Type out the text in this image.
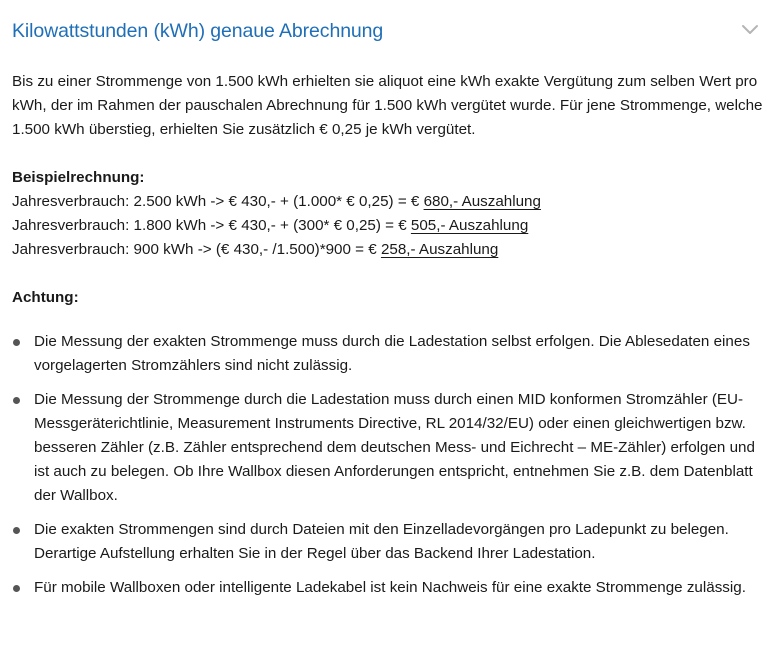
Kilowattstunden (kWh) genaue Abrechnung

Bis zu einer Strommenge von 1.500 kWh erhielten sie aliquot eine kWh exakte Vergütung zum selben Wert pro kWh, der im Rahmen der pauschalen Abrechnung für 1.500 kWh vergütet wurde. Für jene Strommenge, welche 1.500 kWh überstieg, erhielten Sie zusätzlich € 0,25 je kWh vergütet.

Beispielrechnung:

Jahresverbrauch: 2.500 kWh -> € 430,- + (1.000* € 0,25) = € 680,- Auszahlung
Jahresverbrauch: 1.800 kWh -> € 430,- + (300* € 0,25) = € 505,- Auszahlung
Jahresverbrauch: 900 kWh -> (€ 430,- /1.500)*900 = € 258,- Auszahlung

Achtung:

Die Messung der exakten Strommenge muss durch die Ladestation selbst erfolgen. Die Ablesedaten eines vorgelagerten Stromzählers sind nicht zulässig.
Die Messung der Strommenge durch die Ladestation muss durch einen MID konformen Stromzähler (EU-Messgeräterichtlinie, Measurement Instruments Directive, RL 2014/32/EU) oder einen gleichwertigen bzw. besseren Zähler (z.B. Zähler entsprechend dem deutschen Mess- und Eichrecht – ME-Zähler) erfolgen und ist auch zu belegen. Ob Ihre Wallbox diesen Anforderungen entspricht, entnehmen Sie z.B. dem Datenblatt der Wallbox.
Die exakten Strommengen sind durch Dateien mit den Einzelladevorgängen pro Ladepunkt zu belegen. Derartige Aufstellung erhalten Sie in der Regel über das Backend Ihrer Ladestation.
Für mobile Wallboxen oder intelligente Ladekabel ist kein Nachweis für eine exakte Strommenge zulässig.
